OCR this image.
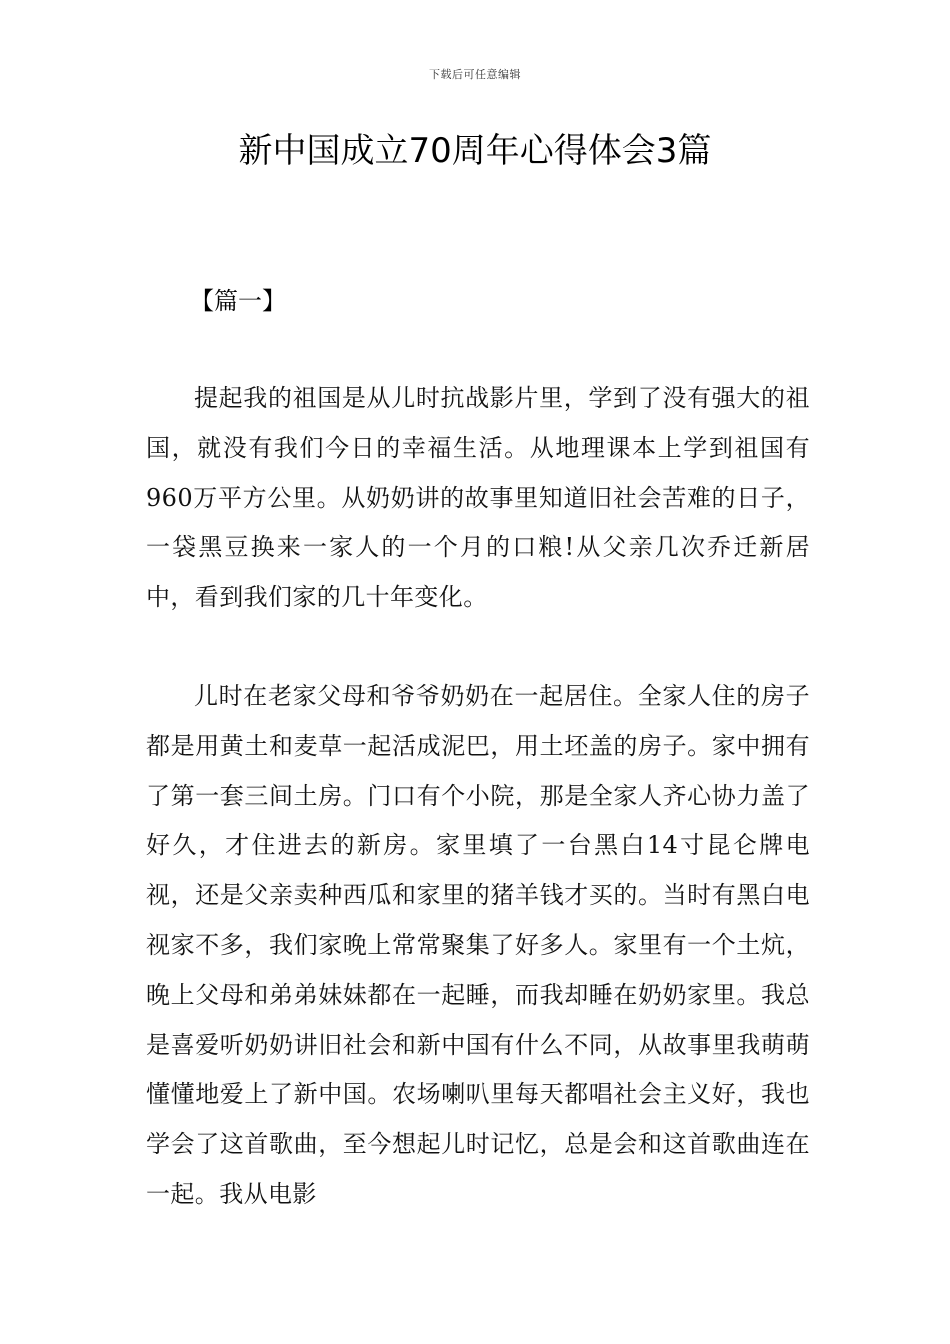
下载后可任意编辑
新中国成立70周年心得体会3篇
【篇一】

提起我的祖国是从儿时抗战影片里，学到了没有强大的祖国，就没有我们今日的幸福生活。从地理课本上学到祖国有960万平方公里。从奶奶讲的故事里知道旧社会苦难的日子，一袋黑豆换来一家人的一个月的口粮!从父亲几次乔迁新居中，看到我们家的几十年变化。

儿时在老家父母和爷爷奶奶在一起居住。全家人住的房子都是用黄土和麦草一起活成泥巴，用土坯盖的房子。家中拥有了第一套三间土房。门口有个小院，那是全家人齐心协力盖了好久，才住进去的新房。家里填了一台黑白14寸昆仑牌电视，还是父亲卖种西瓜和家里的猪羊钱才买的。当时有黑白电视家不多，我们家晚上常常聚集了好多人。家里有一个土炕，晚上父母和弟弟妹妹都在一起睡，而我却睡在奶奶家里。我总是喜爱听奶奶讲旧社会和新中国有什么不同，从故事里我萌萌懂懂地爱上了新中国。农场喇叭里每天都唱社会主义好，我也学会了这首歌曲，至今想起儿时记忆，总是会和这首歌曲连在一起。我从电影
